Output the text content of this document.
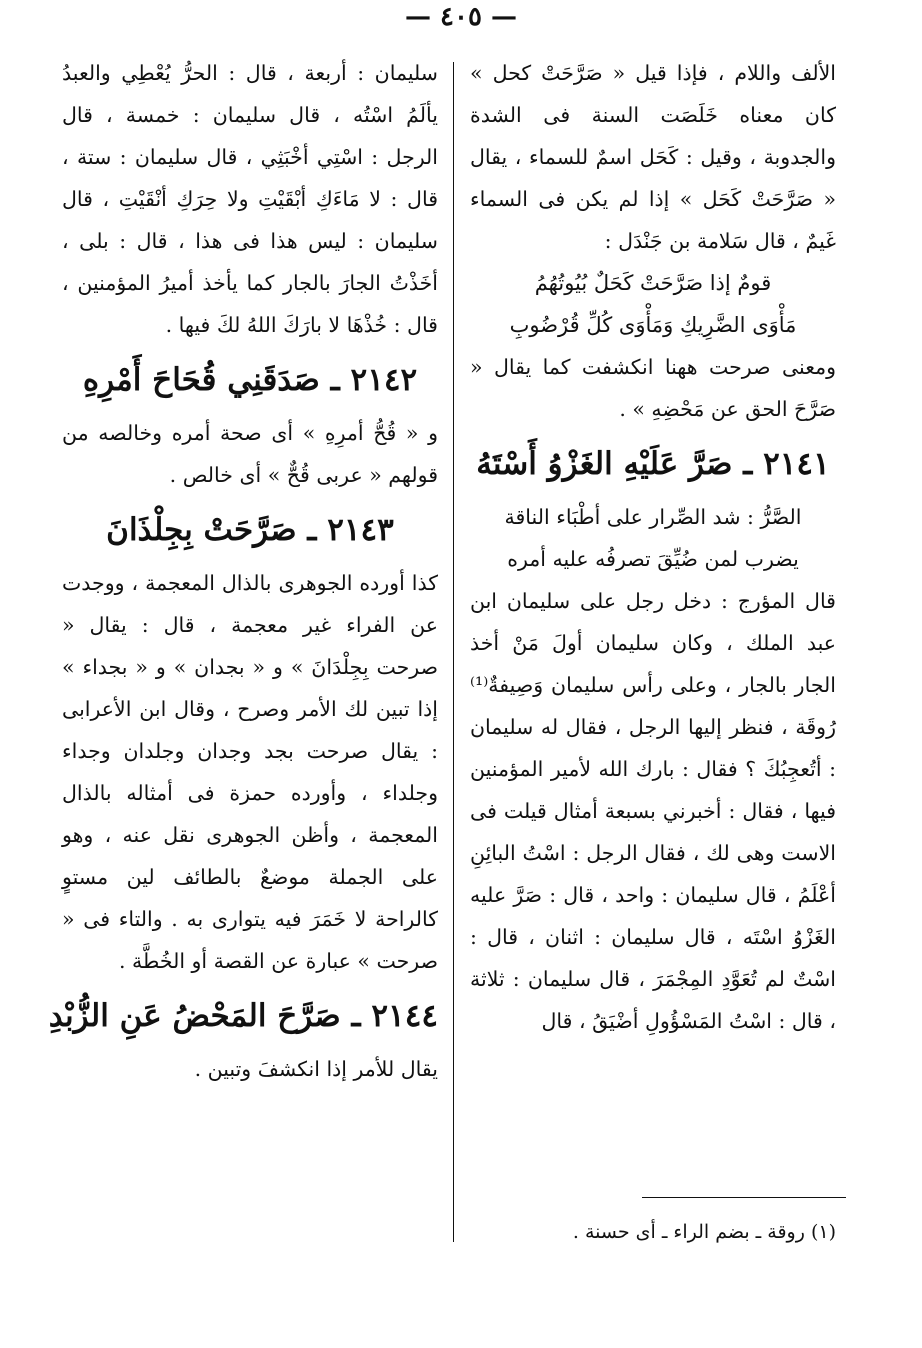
— ٤٠٥ —

الألف واللام ، فإذا قيل « صَرَّحَتْ كحل » كان معناه خَلَصَت السنة فى الشدة والجدوبة ، وقيل : كَحَل اسمٌ للسماء ، يقال « صَرَّحَتْ كَحَل » إذا لم يكن فى السماء غَيمٌ ، قال سَلامة بن جَنْدَل :

قومٌ إذا صَرَّحَتْ كَحَلٌ بُيُوتُهُمُ

مَأْوَى الضَّرِيكِ وَمَأْوَى كُلِّ قُرْضُوبِ

ومعنى صرحت ههنا انكشفت كما يقال « صَرَّحَ الحق عن مَحْضِهِ » .

٢١٤١ ـ صَرَّ عَلَيْهِ الغَزْوُ أَسْتَهُ

الصَّرُّ : شد الصِّرار على أطْبَاء الناقة

يضرب لمن ضُيِّقَ تصرفُه عليه أمره

قال المؤرج : دخل رجل على سليمان ابن عبد الملك ، وكان سليمان أولَ مَنْ أخذ الجار بالجار ، وعلى رأس سليمان وَصِيفةٌ⁽¹⁾ رُوقَة ، فنظر إليها الرجل ، فقال له سليمان : أتُعجِبُكَ ؟ فقال : بارك الله لأمير المؤمنين فيها ، فقال : أخبرني بسبعة أمثال قيلت فى الاست وهى لك ، فقال الرجل : اسْتُ البائِنِ أعْلَمُ ، قال سليمان : واحد ، قال : صَرَّ عليه الغَزْوُ اسْتَه ، قال سليمان : اثنان ، قال : اسْتٌ لم تُعَوَّدِ المِجْمَرَ ، قال سليمان : ثلاثة ، قال : اسْتُ المَسْؤُولِ أضْيَقُ ، قال

سليمان : أربعة ، قال : الحرُّ يُعْطِي والعبدُ يألَمُ اسْتُه ، قال سليمان : خمسة ، قال الرجل : اسْتِي أخْبَثِي ، قال سليمان : ستة ، قال : لا مَاءَكِ أبْقَيْتِ ولا حِرَكِ أنْقَيْتِ ، قال سليمان : ليس هذا فى هذا ، قال : بلى ، أخَذْتُ الجارَ بالجار كما يأخذ أميرُ المؤمنين ، قال : خُذْهَا لا بارَكَ اللهُ لكَ فيها .

٢١٤٢ ـ صَدَقَنِي قُحَاحَ أَمْرِهِ

و « قُحُّ أمرِهِ » أى صحة أمره وخالصه من قولهم « عربى قُحٌّ » أى خالص .

٢١٤٣ ـ صَرَّحَتْ بِجِلْذَانَ

كذا أورده الجوهرى بالذال المعجمة ، ووجدت عن الفراء غير معجمة ، قال : يقال « صرحت بِجِلْدَانَ » و « بجدان » و « بجداء » إذا تبين لك الأمر وصرح ، وقال ابن الأعرابى : يقال صرحت بجد وجدان وجلدان وجداء وجلداء ، وأورده حمزة فى أمثاله بالذال المعجمة ، وأظن الجوهرى نقل عنه ، وهو على الجملة موضعٌ بالطائف لين مستوٍ كالراحة لا خَمَرَ فيه يتوارى به . والتاء فى « صرحت » عبارة عن القصة أو الخُطَّة .

٢١٤٤ ـ صَرَّحَ المَحْضُ عَنِ الزُّبْدِ

يقال للأمر إذا انكشفَ وتبين .

(١) روقة ـ بضم الراء ـ أى حسنة .
